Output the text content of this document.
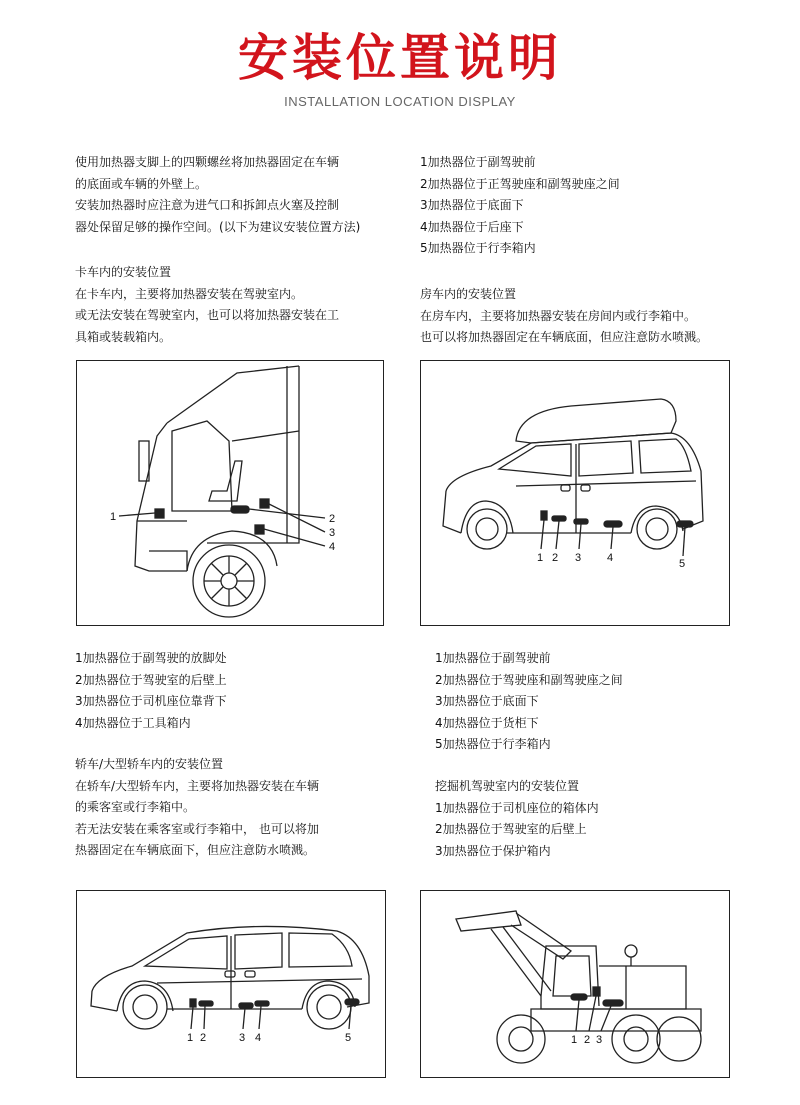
安装位置说明
INSTALLATION LOCATION DISPLAY
使用加热器支脚上的四颗螺丝将加热器固定在车辆
的底面或车辆的外壁上。
安装加热器时应注意为进气口和拆卸点火塞及控制
器处保留足够的操作空间。(以下为建议安装位置方法)
1加热器位于副驾驶前
2加热器位于正驾驶座和副驾驶座之间
3加热器位于底面下
4加热器位于后座下
5加热器位于行李箱内
卡车内的安装位置
在卡车内，主要将加热器安装在驾驶室内。
或无法安装在驾驶室内，也可以将加热器安装在工
具箱或装载箱内。
房车内的安装位置
在房车内，主要将加热器安装在房间内或行李箱中。
也可以将加热器固定在车辆底面，但应注意防水喷溅。
1	2
3
4
1 2 3 4	5
1加热器位于副驾驶的放脚处
2加热器位于驾驶室的后壁上
3加热器位于司机座位靠背下
4加热器位于工具箱内
1加热器位于副驾驶前
2加热器位于驾驶座和副驾驶座之间
3加热器位于底面下
4加热器位于货柜下
5加热器位于行李箱内
轿车/大型轿车内的安装位置
在轿车/大型轿车内，主要将加热器安装在车辆
的乘客室或行李箱中。
若无法安装在乘客室或行李箱中， 也可以将加
热器固定在车辆底面下，但应注意防水喷溅。
挖掘机驾驶室内的安装位置
1加热器位于司机座位的箱体内
2加热器位于驾驶室的后壁上
3加热器位于保护箱内
1 2	3 4	5	1 2 3
